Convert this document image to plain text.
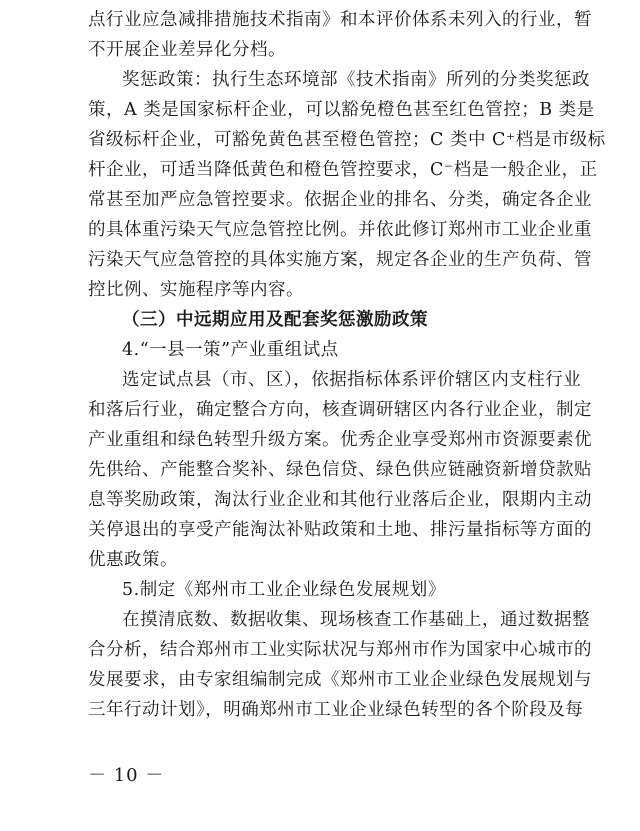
点行业应急减排措施技术指南》和本评价体系未列入的行业，暂
不开展企业差异化分档。
奖惩政策：执行生态环境部《技术指南》所列的分类奖惩政
策，A 类是国家标杆企业，可以豁免橙色甚至红色管控；B 类是
省级标杆企业，可豁免黄色甚至橙色管控；C 类中 C⁺档是市级标
杆企业，可适当降低黄色和橙色管控要求，C⁻档是一般企业，正
常甚至加严应急管控要求。依据企业的排名、分类，确定各企业
的具体重污染天气应急管控比例。并依此修订郑州市工业企业重
污染天气应急管控的具体实施方案，规定各企业的生产负荷、管
控比例、实施程序等内容。
（三）中远期应用及配套奖惩激励政策
4.“一县一策”产业重组试点
选定试点县（市、区），依据指标体系评价辖区内支柱行业
和落后行业，确定整合方向，核查调研辖区内各行业企业，制定
产业重组和绿色转型升级方案。优秀企业享受郑州市资源要素优
先供给、产能整合奖补、绿色信贷、绿色供应链融资新增贷款贴
息等奖励政策，淘汰行业企业和其他行业落后企业，限期内主动
关停退出的享受产能淘汰补贴政策和土地、排污量指标等方面的
优惠政策。
5.制定《郑州市工业企业绿色发展规划》
在摸清底数、数据收集、现场核查工作基础上，通过数据整
合分析，结合郑州市工业实际状况与郑州市作为国家中心城市的
发展要求，由专家组编制完成《郑州市工业企业绿色发展规划与
三年行动计划》，明确郑州市工业企业绿色转型的各个阶段及每
－ 10 －
